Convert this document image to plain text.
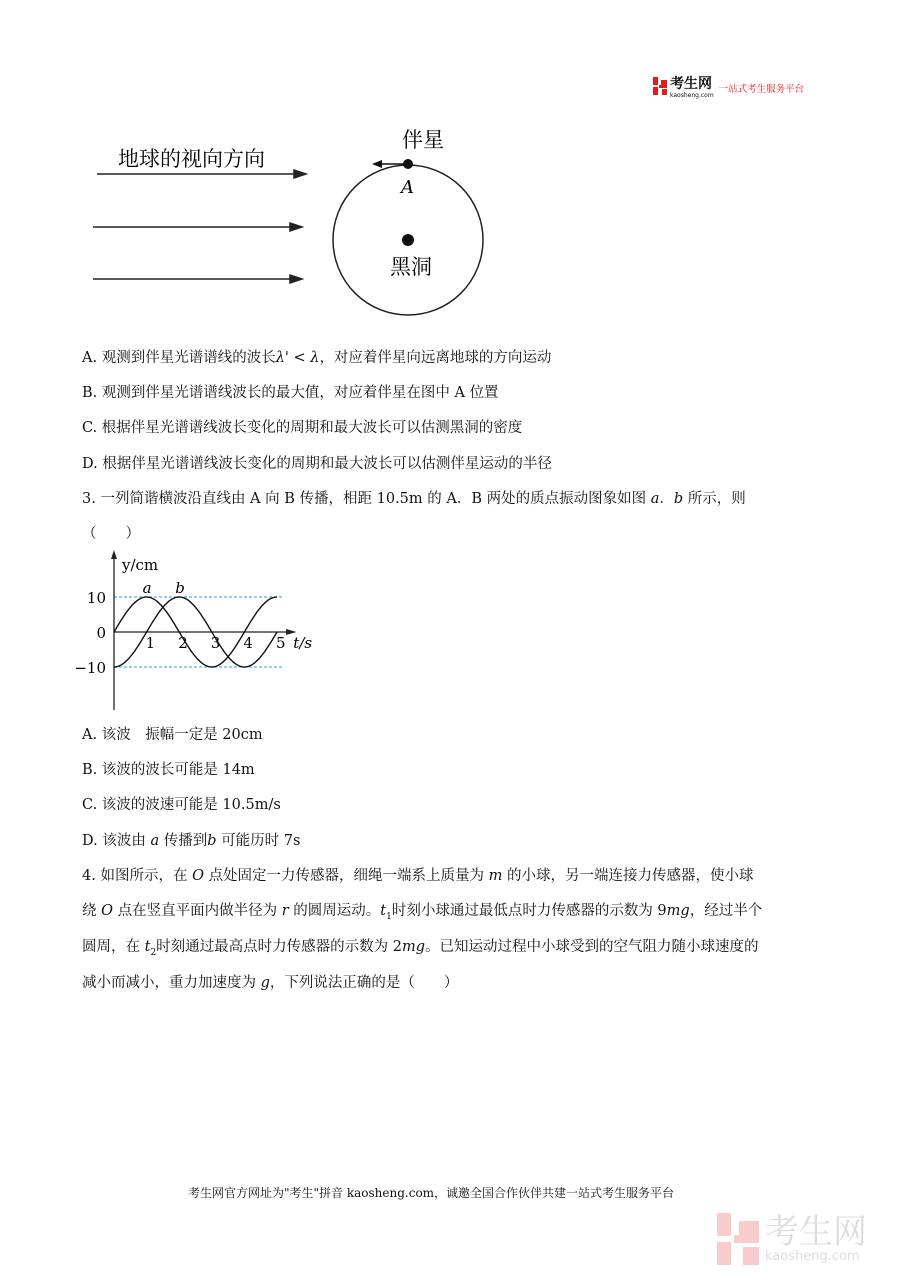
考生网
kaosheng.com
一站式考生服务平台
地球的视向方向
伴星
A
黑洞
A. 观测到伴星光谱谱线的波长λ' < λ，对应着伴星向远离地球的方向运动
B. 观测到伴星光谱谱线波长的最大值，对应着伴星在图中 A 位置
C. 根据伴星光谱谱线波长变化的周期和最大波长可以估测黑洞的密度
D. 根据伴星光谱谱线波长变化的周期和最大波长可以估测伴星运动的半径
3. 一列简谐横波沿直线由 A 向 B 传播，相距 10.5m 的 A．B 两处的质点振动图象如图 a．b 所示，则
（　　）
y/cm
t/s
1 2 3 4 5
10
0
−10
a b
A. 该波　振幅一定是 20cm
B. 该波的波长可能是 14m
C. 该波的波速可能是 10.5m/s
D. 该波由 a 传播到b 可能历时 7s
4. 如图所示，在 O 点处固定一力传感器，细绳一端系上质量为 m 的小球，另一端连接力传感器，使小球
绕 O 点在竖直平面内做半径为 r 的圆周运动。$t_1$时刻小球通过最低点时力传感器的示数为 9mg，经过半个
圆周，在 $t_2$时刻通过最高点时力传感器的示数为 2mg。已知运动过程中小球受到的空气阻力随小球速度的
减小而减小，重力加速度为 g，下列说法正确的是（　　）
考生网官方网址为"考生"拼音 kaosheng.com，诚邀全国合作伙伴共建一站式考生服务平台
考生网
kaosheng.com
